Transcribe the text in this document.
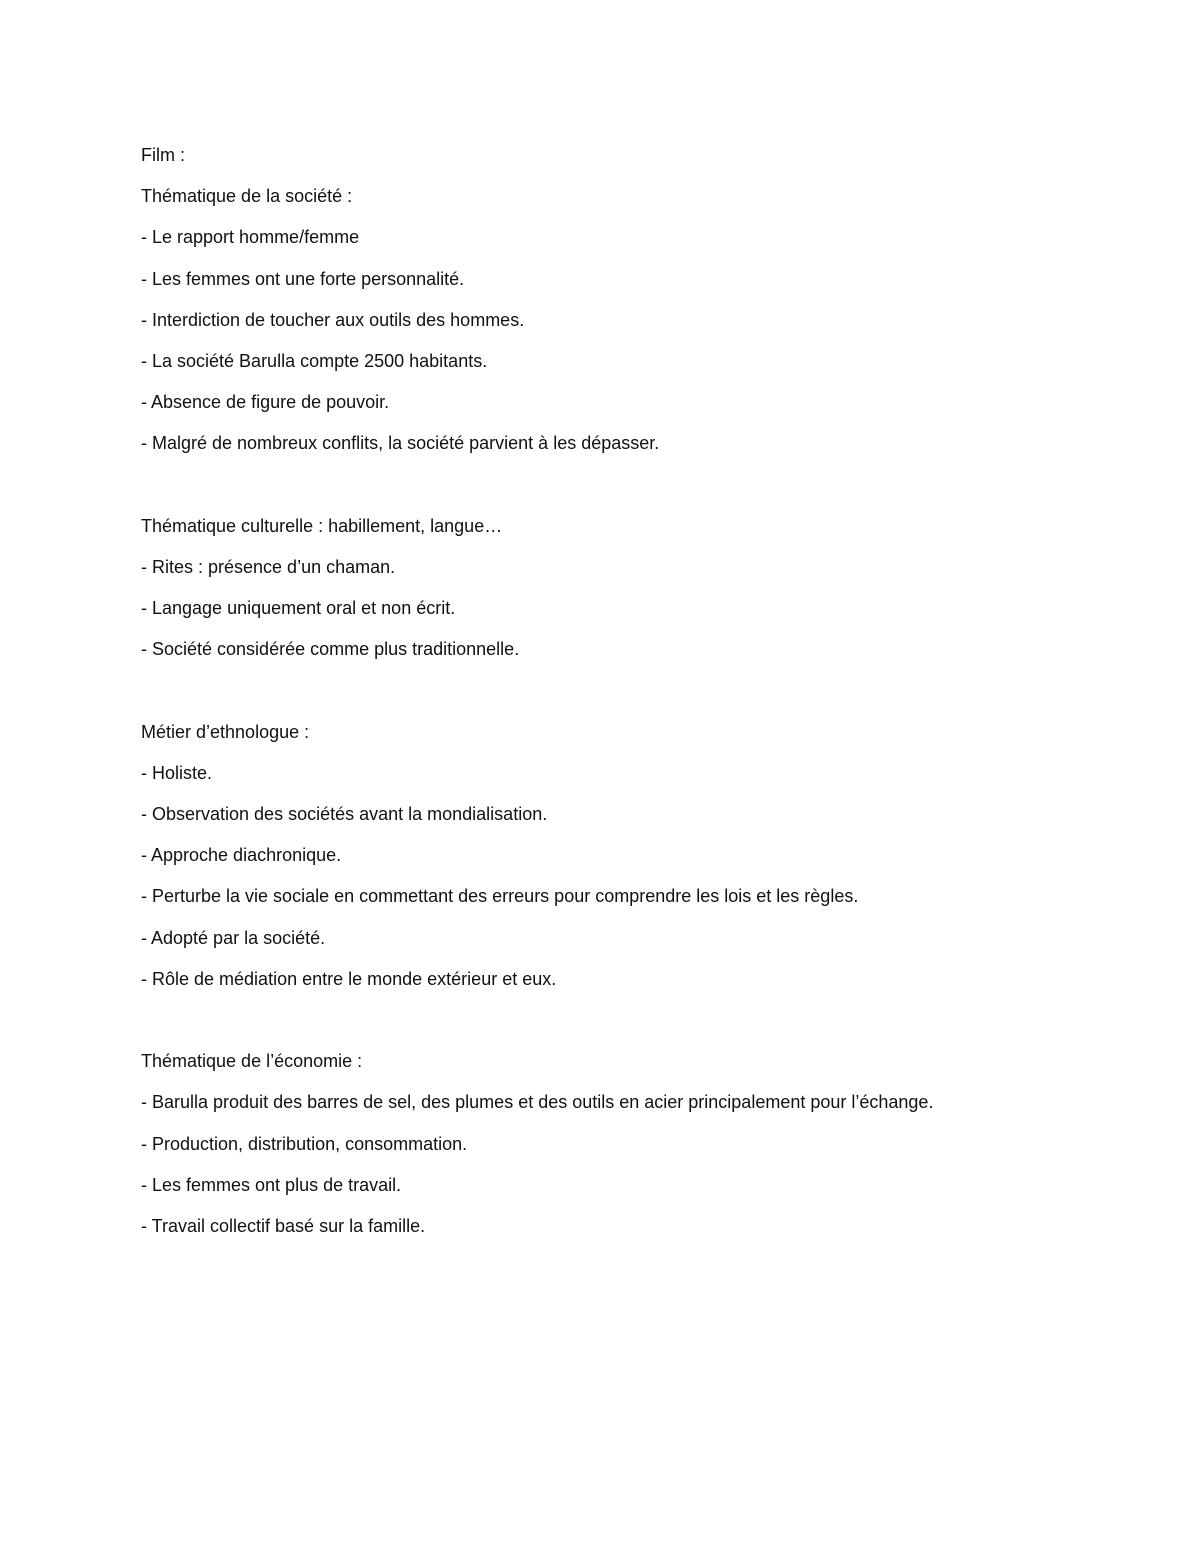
Film :
Thématique de la société :
- Le rapport homme/femme
- Les femmes ont une forte personnalité.
- Interdiction de toucher aux outils des hommes.
- La société Barulla compte 2500 habitants.
- Absence de figure de pouvoir.
- Malgré de nombreux conflits, la société parvient à les dépasser.
Thématique culturelle : habillement, langue…
- Rites : présence d’un chaman.
- Langage uniquement oral et non écrit.
- Société considérée comme plus traditionnelle.
Métier d’ethnologue :
- Holiste.
- Observation des sociétés avant la mondialisation.
- Approche diachronique.
- Perturbe la vie sociale en commettant des erreurs pour comprendre les lois et les règles.
- Adopté par la société.
- Rôle de médiation entre le monde extérieur et eux.
Thématique de l’économie :
- Barulla produit des barres de sel, des plumes et des outils en acier principalement pour l’échange.
- Production, distribution, consommation.
- Les femmes ont plus de travail.
- Travail collectif basé sur la famille.
